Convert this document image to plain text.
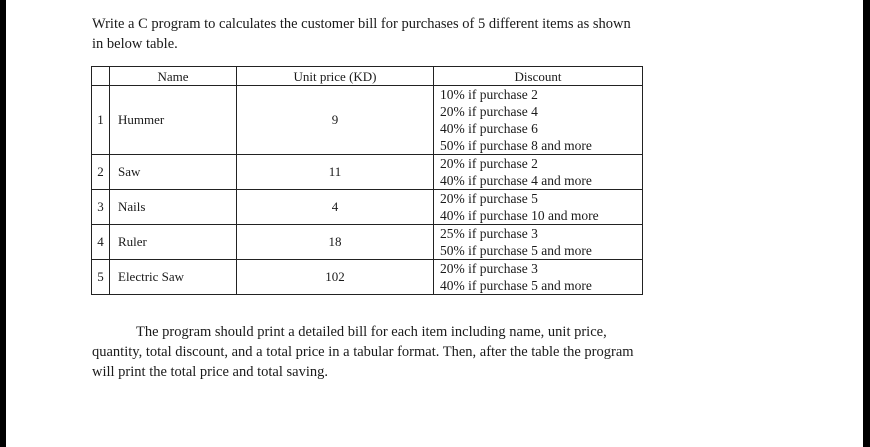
Write a C program to calculates the customer bill for purchases of 5 different items as shown
in below table.
	Name	Unit price (KD)	Discount
1	Hummer	9	10% if purchase 2
20% if purchase 4
40% if purchase 6
50% if purchase 8 and more

2	Saw	11	20% if purchase 2
40% if purchase 4 and more

3	Nails	4	20% if purchase 5
40% if purchase 10 and more

4	Ruler	18	25% if purchase 3
50% if purchase 5 and more

5	Electric Saw	102	20% if purchase 3
40% if purchase 5 and more
The program should print a detailed bill for each item including name, unit price,
quantity, total discount, and a total price in a tabular format. Then, after the table the program
will print the total price and total saving.
